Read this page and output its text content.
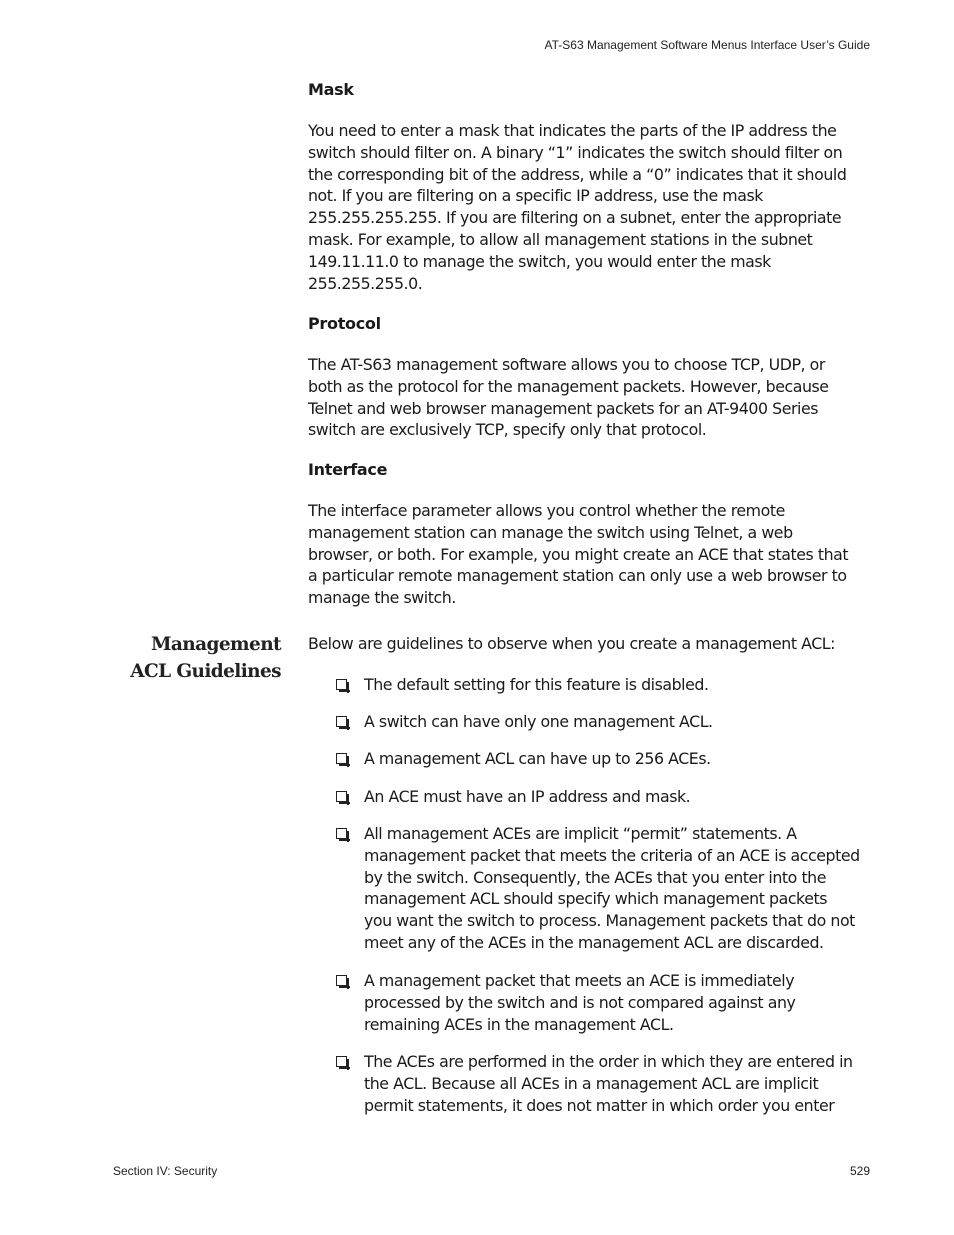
AT-S63 Management Software Menus Interface User’s Guide
Mask
You need to enter a mask that indicates the parts of the IP address the
switch should filter on. A binary “1” indicates the switch should filter on
the corresponding bit of the address, while a “0” indicates that it should
not. If you are filtering on a specific IP address, use the mask
255.255.255.255. If you are filtering on a subnet, enter the appropriate
mask. For example, to allow all management stations in the subnet
149.11.11.0 to manage the switch, you would enter the mask
255.255.255.0.
Protocol
The AT-S63 management software allows you to choose TCP, UDP, or
both as the protocol for the management packets. However, because
Telnet and web browser management packets for an AT-9400 Series
switch are exclusively TCP, specify only that protocol.
Interface
The interface parameter allows you control whether the remote
management station can manage the switch using Telnet, a web
browser, or both. For example, you might create an ACE that states that
a particular remote management station can only use a web browser to
manage the switch.
Management
ACL Guidelines
Below are guidelines to observe when you create a management ACL:
The default setting for this feature is disabled.
A switch can have only one management ACL.
A management ACL can have up to 256 ACEs.
An ACE must have an IP address and mask.
All management ACEs are implicit “permit” statements. A
management packet that meets the criteria of an ACE is accepted
by the switch. Consequently, the ACEs that you enter into the
management ACL should specify which management packets
you want the switch to process. Management packets that do not
meet any of the ACEs in the management ACL are discarded.
A management packet that meets an ACE is immediately
processed by the switch and is not compared against any
remaining ACEs in the management ACL.
The ACEs are performed in the order in which they are entered in
the ACL. Because all ACEs in a management ACL are implicit
permit statements, it does not matter in which order you enter
Section IV: Security	529
